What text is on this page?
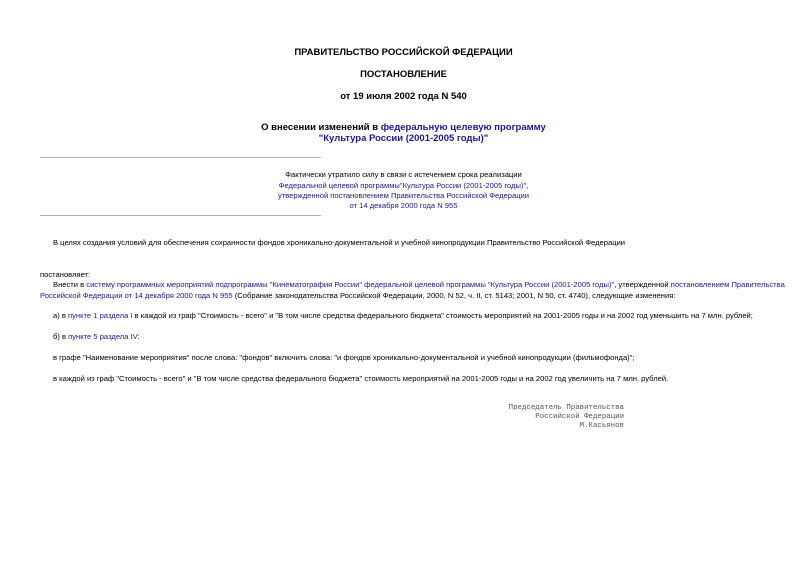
ПРАВИТЕЛЬСТВО РОССИЙСКОЙ ФЕДЕРАЦИИ
ПОСТАНОВЛЕНИЕ
от 19 июля 2002 года N 540
О внесении изменений в федеральную целевую программу
"Культура России (2001-2005 годы)"
Фактически утратило силу в связи с истечением срока реализации
Федеральной целевой программы"Культура России (2001-2005 годы)",
утвержденной постановлением Правительства Российской Федерации
от 14 декабря 2000 года N 955
В целях создания условий для обеспечения сохранности фондов хроникально-документальной и учебной кинопродукции Правительство Российской Федерации
постановляет:
Внести в систему программных мероприятий подпрограммы "Кинематография России" федеральной целевой программы "Культура России (2001-2005 годы)", утвержденной постановлением Правительства
Российской Федерации от 14 декабря 2000 года N 955 (Собрание законодательства Российской Федерации, 2000, N 52, ч. II, ст. 5143; 2001, N 50, ст. 4740), следующие изменения:
а) в пункте 1 раздела I в каждой из граф "Стоимость - всего" и "В том числе средства федерального бюджета" стоимость мероприятий на 2001-2005 годы и на 2002 год уменьшить на 7 млн. рублей;
б) в пункте 5 раздела IV:
в графе "Наименование мероприятия" после слова: "фондов" включить слова: "и фондов хроникально-документальной и учебной кинопродукции (фильмофонда)";
в каждой из граф "Стоимость - всего" и "В том числе средства федерального бюджета" стоимость мероприятий на 2001-2005 годы и на 2002 год увеличить на 7 млн. рублей.
Председатель Правительства
Российской Федерации
М.Касьянов
